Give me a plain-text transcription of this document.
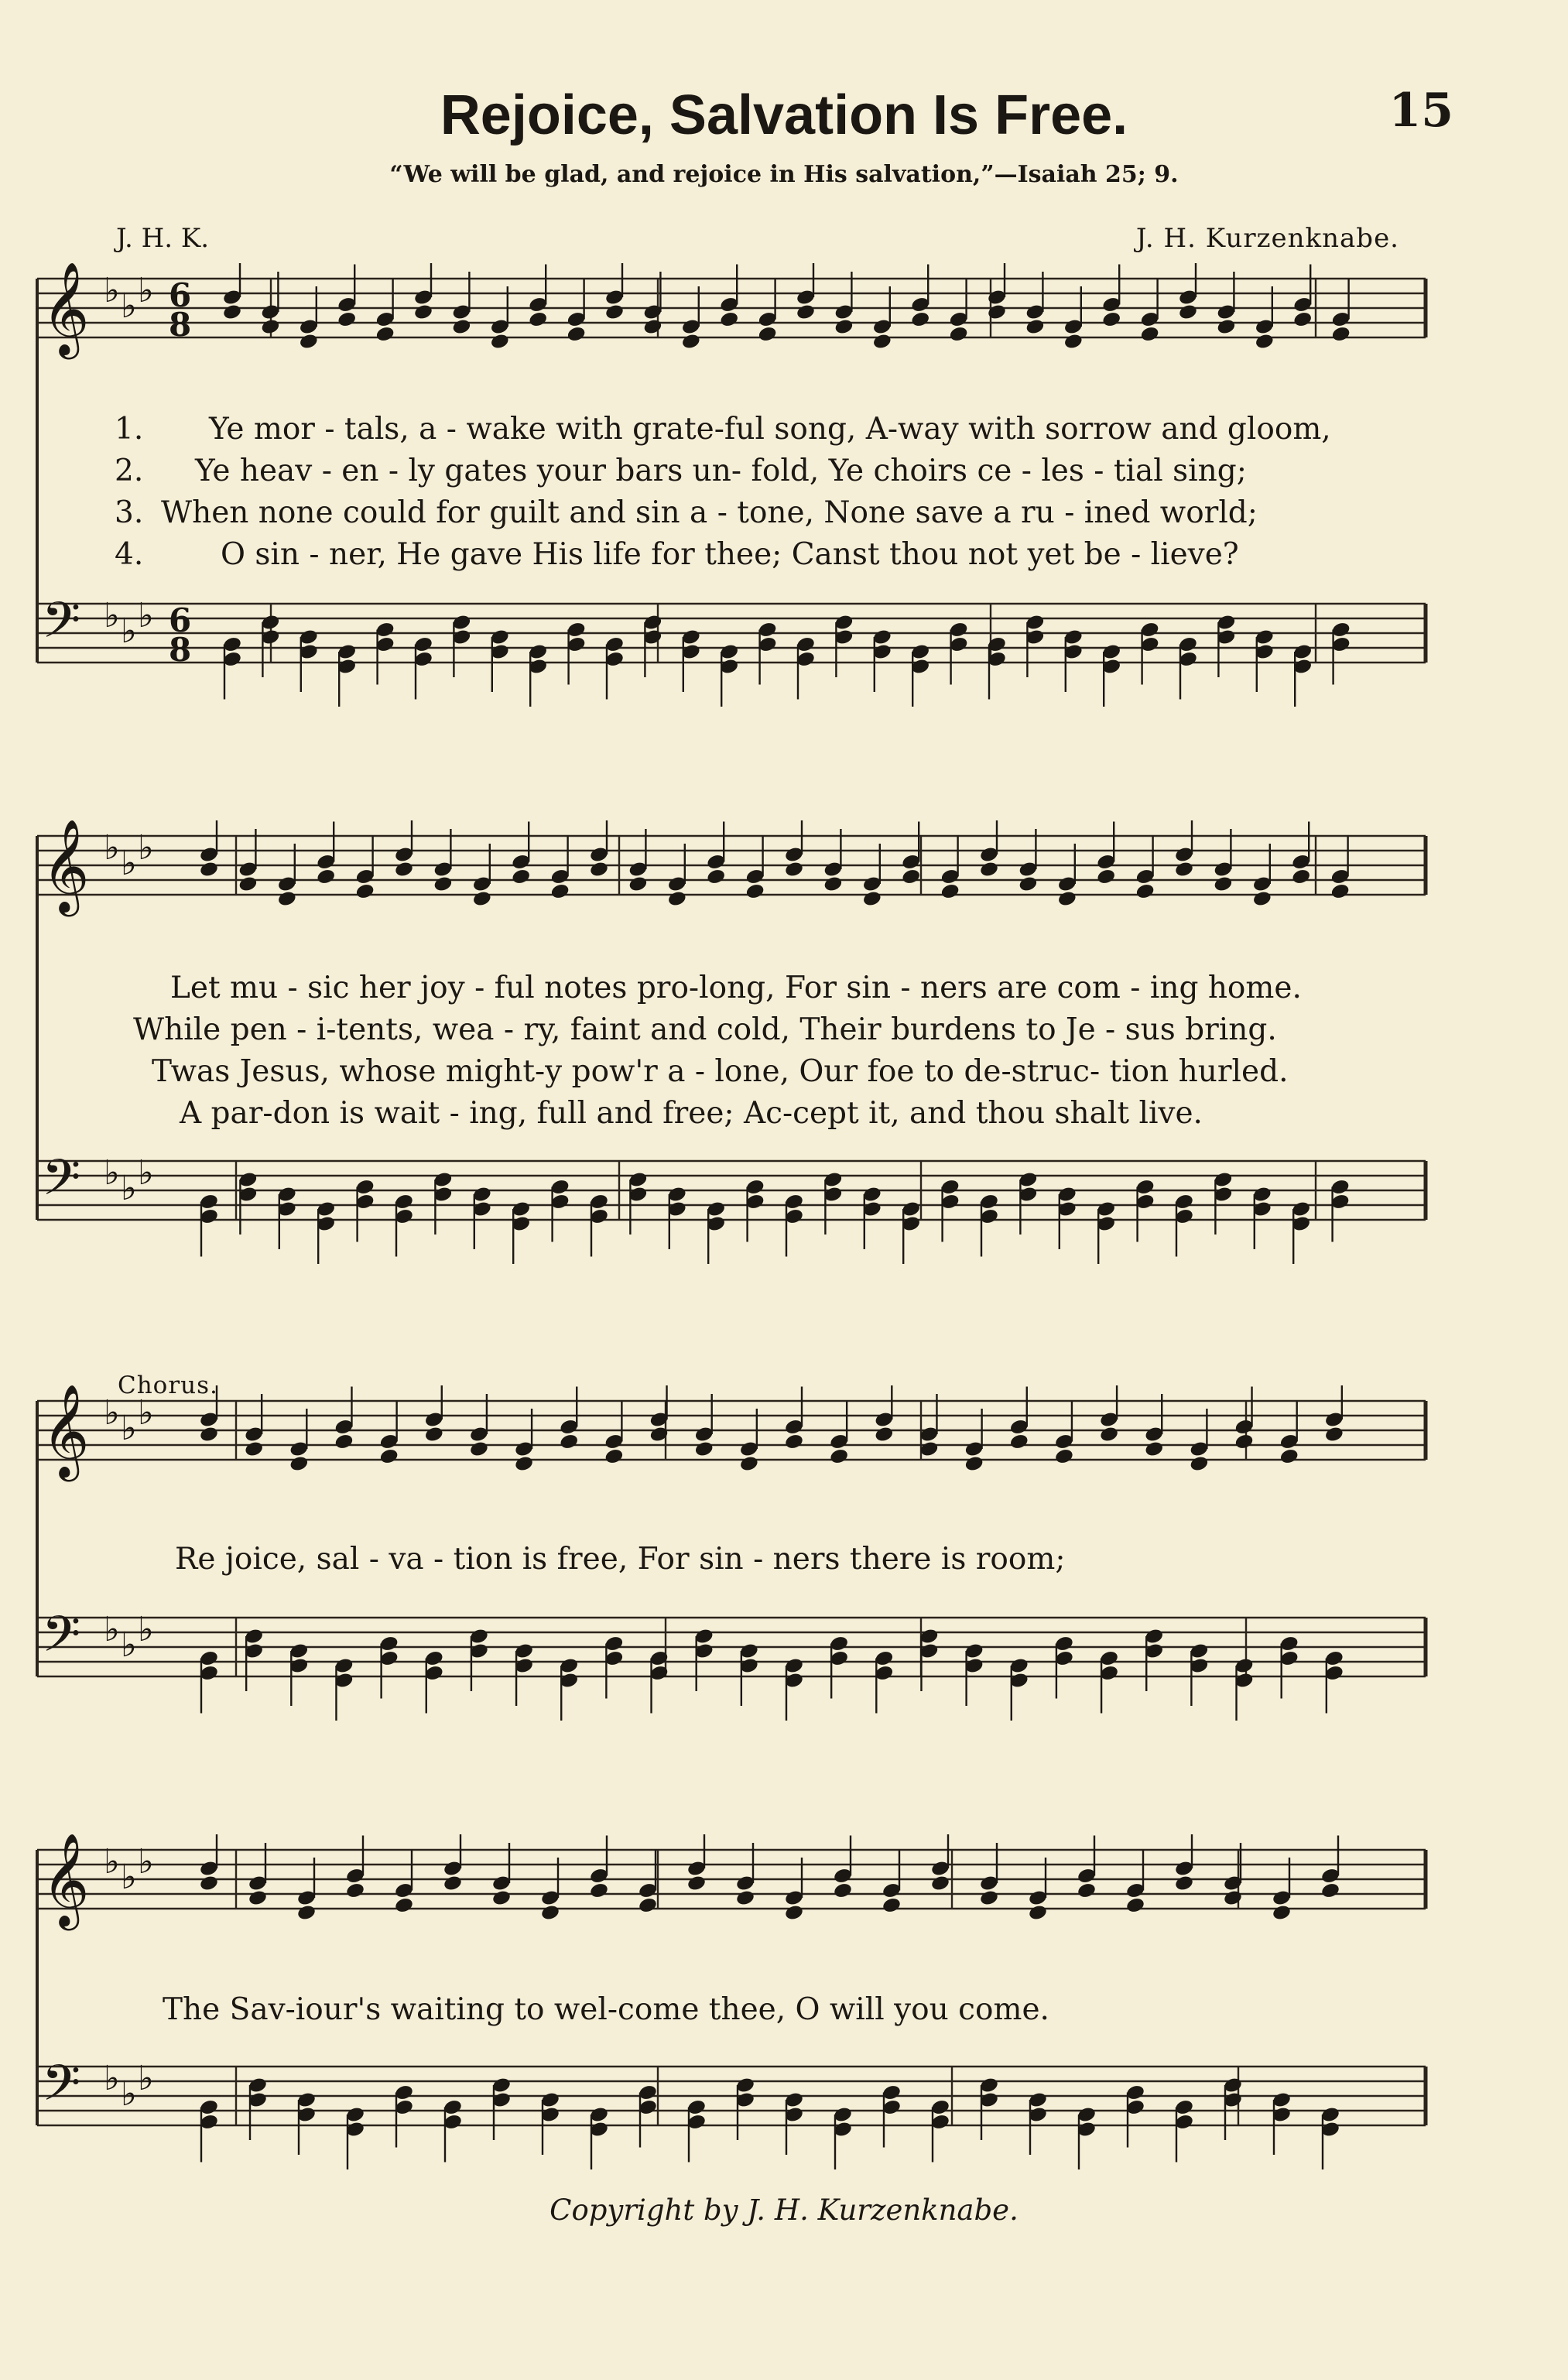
15
Rejoice, Salvation Is Free.
“We will be glad, and rejoice in His salvation,”—Isaiah 25; 9.
J. H. K.	J. H. Kurzenknabe.
𝄞 ♭ ♭ ♭ 6
8
𝄢 ♭ ♭ ♭ 6
8
𝄞 ♭ ♭ ♭
𝄢 ♭ ♭ ♭
𝄞 ♭ ♭ ♭
𝄢 ♭ ♭ ♭
𝄞 ♭ ♭ ♭
𝄢 ♭ ♭ ♭
1. Ye mor - tals, a - wake with grate-ful song, A-way with sorrow and gloom,
2. Ye heav - en - ly gates your bars un- fold, Ye choirs ce - les - tial sing;
3. When none could for guilt and sin a - tone, None save a ru - ined world;
4.	O sin - ner, He gave His life for thee; Canst thou not yet be - lieve?
Let mu - sic her joy - ful notes pro-long, For sin - ners are com - ing home.
While pen - i-tents, wea - ry, faint and cold, Their burdens to Je - sus bring.
Twas Jesus, whose might-y pow'r a - lone, Our foe to de-struc- tion hurled.
A par-don is wait - ing, full and free; Ac-cept it, and thou shalt live.
Chorus.
Re joice, sal - va - tion is free, For sin - ners there is room;
The Sav-iour's waiting to wel-come thee, O will you come.
Copyright by J. H. Kurzenknabe.
